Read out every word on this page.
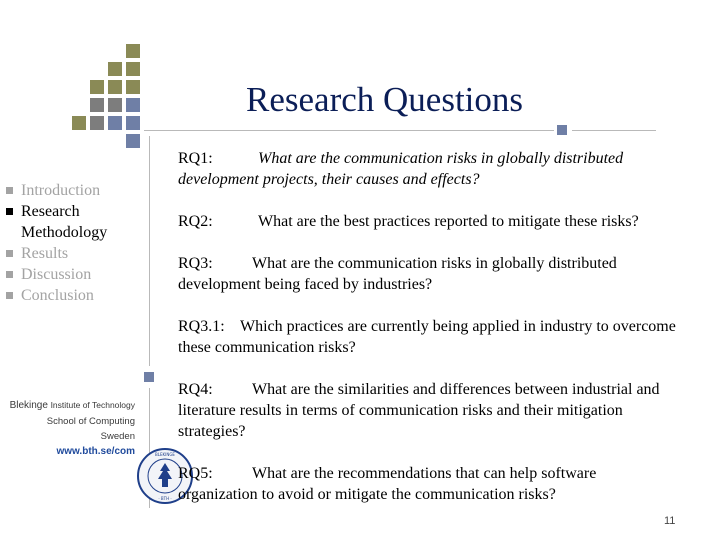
Research Questions
Introduction
Research Methodology
Results
Discussion
Conclusion
Blekinge Institute of Technology
School of Computing
Sweden
www.bth.se/com	BLEKINGE
· BTH ·

RQ1:	What are the communication risks in globally distributed development projects, their causes and effects?

RQ2:	What are the best practices reported to mitigate these risks?

RQ3: What are the communication risks in globally distributed development being faced by industries?

RQ3.1: Which practices are currently being applied in industry to overcome these communication risks?

RQ4: What are the similarities and differences between industrial and literature results in terms of communication risks and their mitigation strategies?

RQ5: What are the recommendations that can help software organization to avoid or mitigate the communication risks?

11
